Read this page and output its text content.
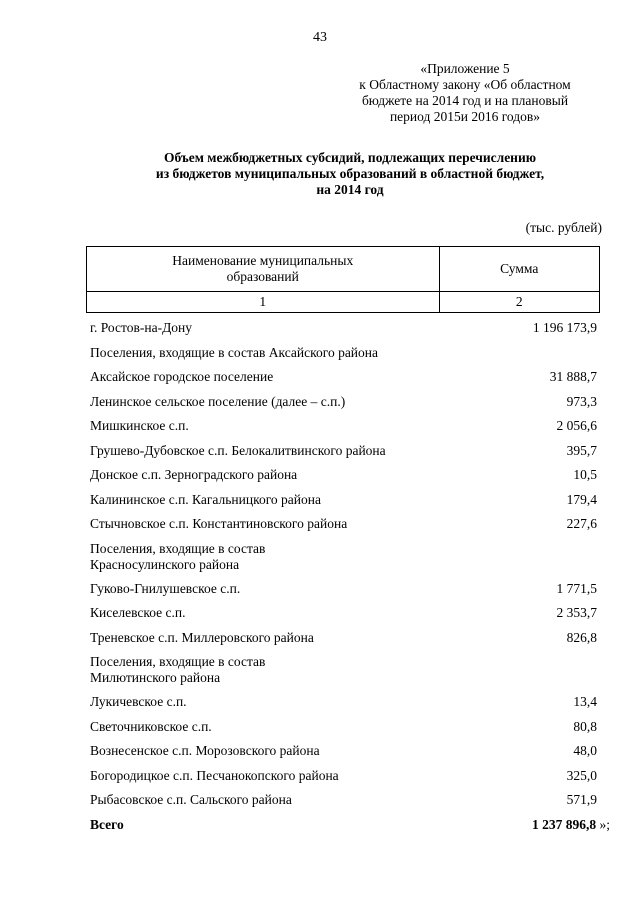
43
«Приложение 5
к Областному закону «Об областном
бюджете на 2014 год и на плановый
период 2015и 2016 годов»
Объем межбюджетных субсидий, подлежащих перечислению
из бюджетов муниципальных образований в областной бюджет,
на 2014 год
(тыс. рублей)
Наименование муниципальных образований	Сумма
1	2
г. Ростов-на-Дону	1 196 173,9
Поселения, входящие в состав Аксайского района
Аксайское городское поселение	31 888,7
Ленинское сельское поселение (далее – с.п.)	973,3
Мишкинское с.п.	2 056,6
Грушево-Дубовское с.п. Белокалитвинского района	395,7
Донское с.п. Зерноградского района	10,5
Калининское с.п. Кагальницкого района	179,4
Стычновское с.п. Константиновского района	227,6
Поселения, входящие в состав Красносулинского района
Гуково-Гнилушевское с.п.	1 771,5
Киселевское с.п.	2 353,7
Треневское с.п. Миллеровского района	826,8
Поселения, входящие в состав Милютинского района
Лукичевское с.п.	13,4
Светочниковское с.п.	80,8
Вознесенское с.п. Морозовского района	48,0
Богородицкое с.п. Песчанокопского района	325,0
Рыбасовское с.п. Сальского района	571,9
Всего	1 237 896,8 »;
